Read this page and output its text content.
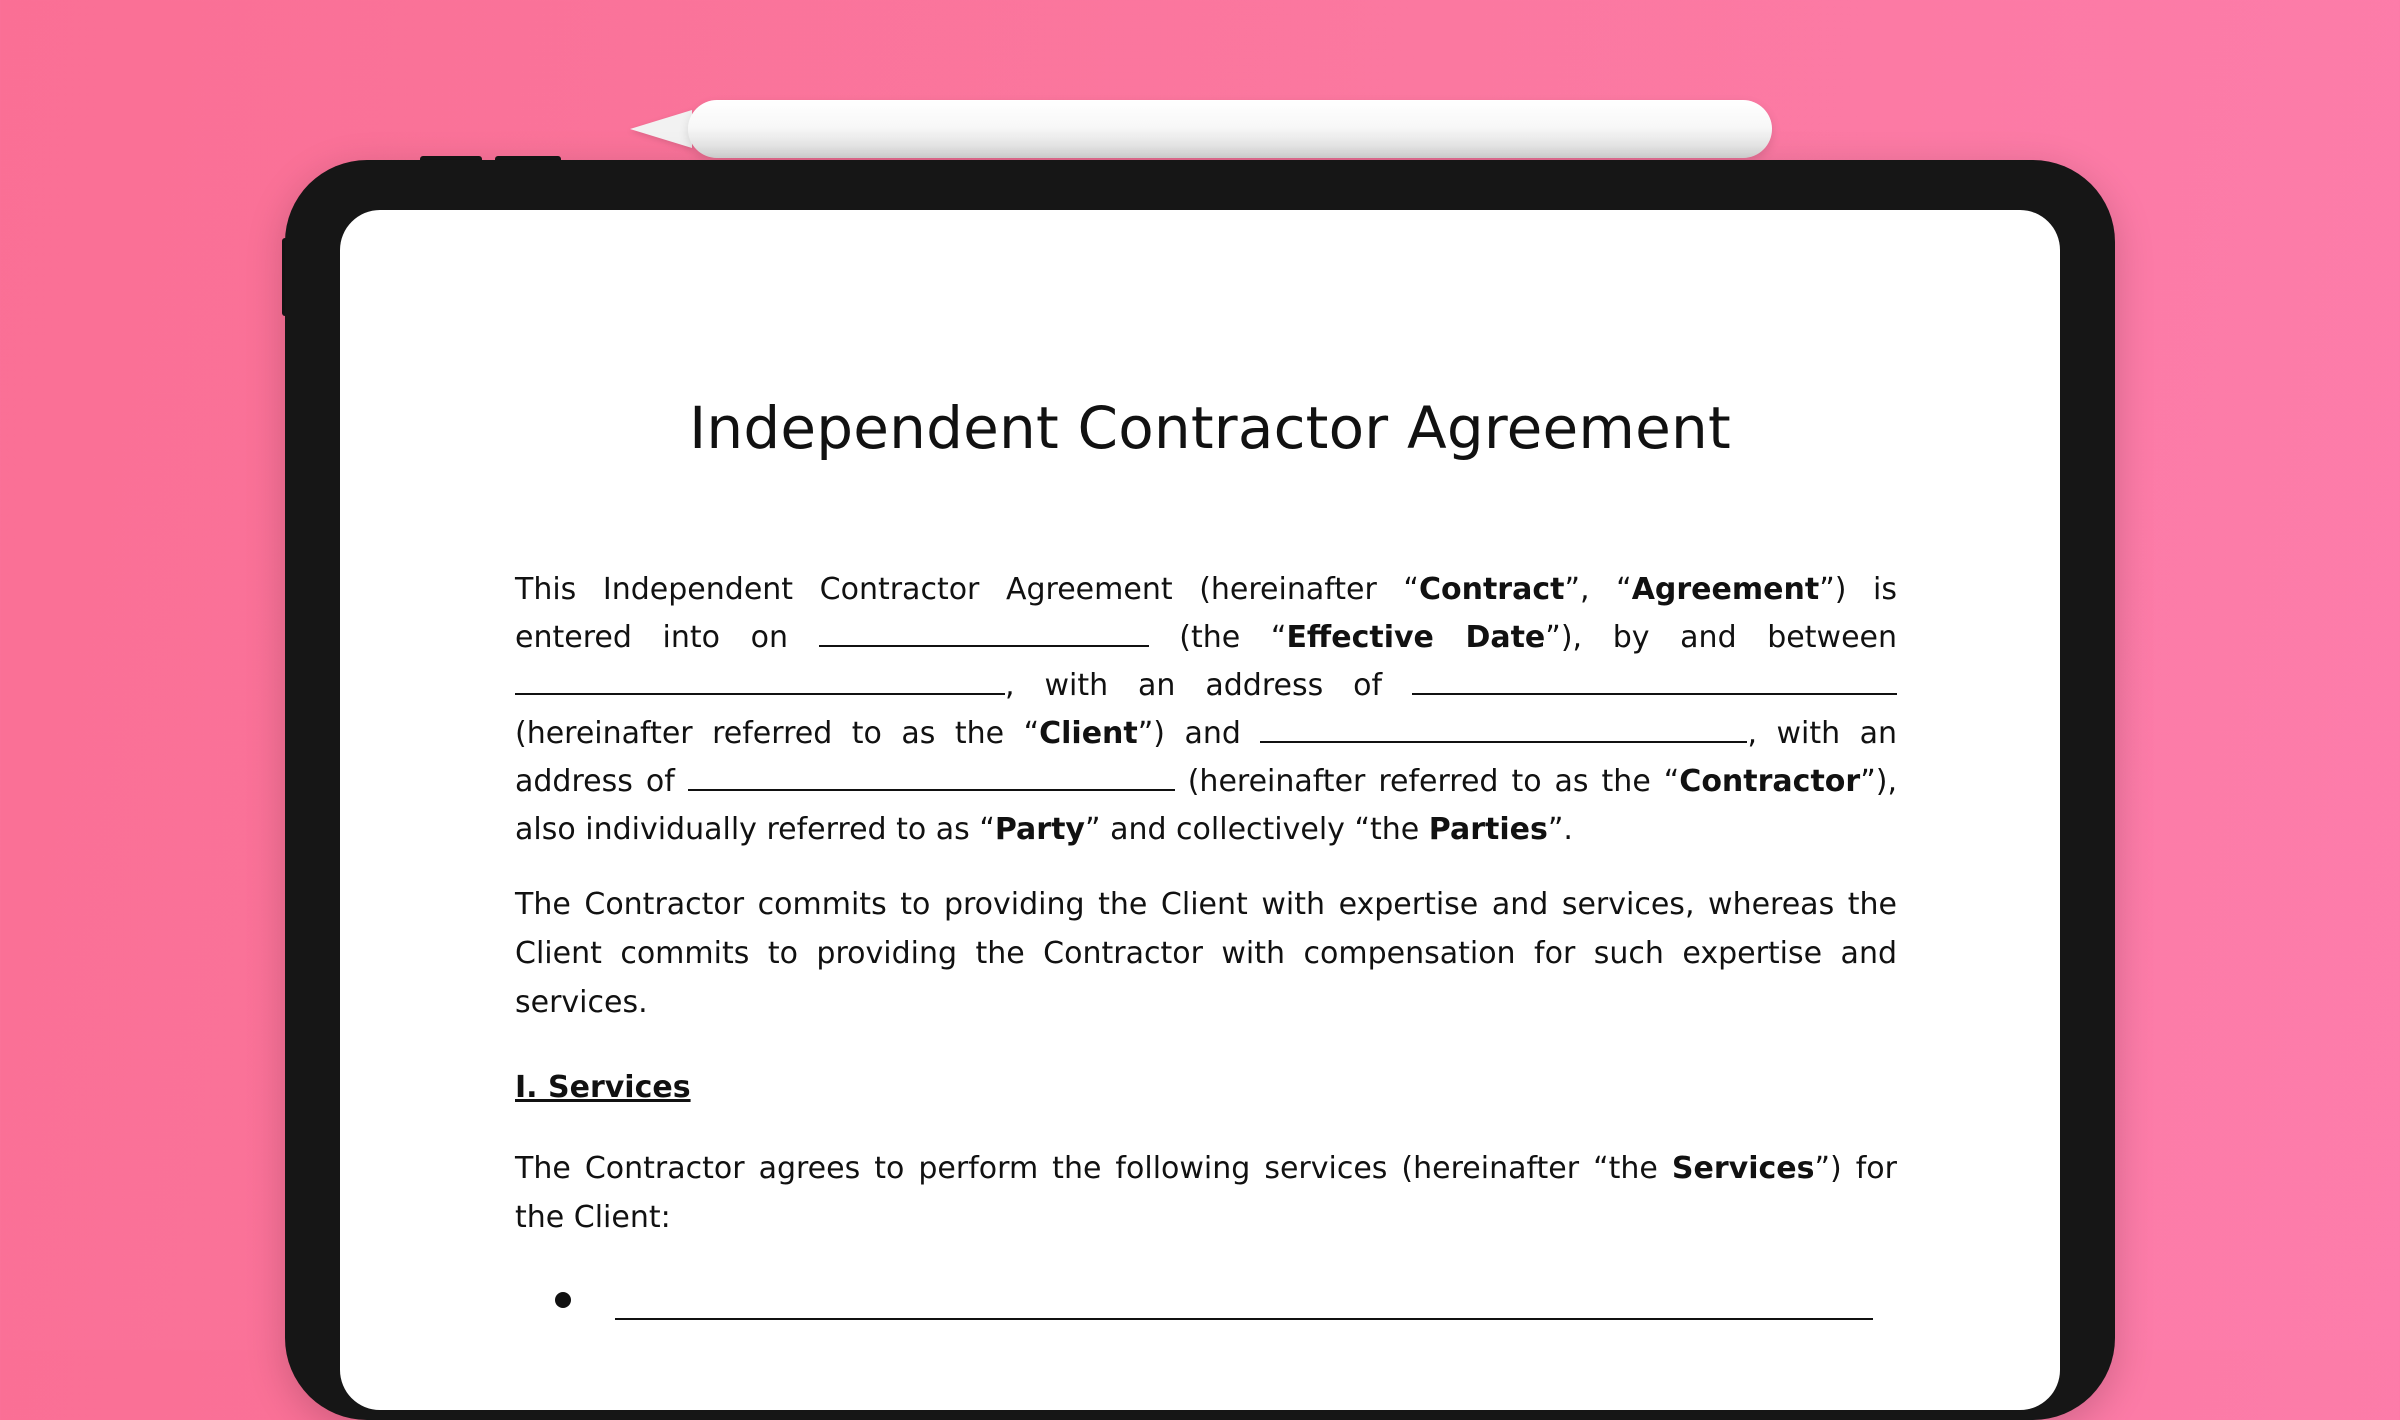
Independent Contractor Agreement

This Independent Contractor Agreement (hereinafter “Contract”, “Agreement”) is entered into on	(the “Effective Date”), by and between , with an address of  (hereinafter referred to as the “Client”) and	, with an address of	(hereinafter referred to as the “Contractor”), also individually referred to as “Party” and collectively “the Parties”.

The Contractor commits to providing the Client with expertise and services, whereas the Client commits to providing the Contractor with compensation for such expertise and services.

I. Services

The Contractor agrees to perform the following services (hereinafter “the Services”) for the Client:
